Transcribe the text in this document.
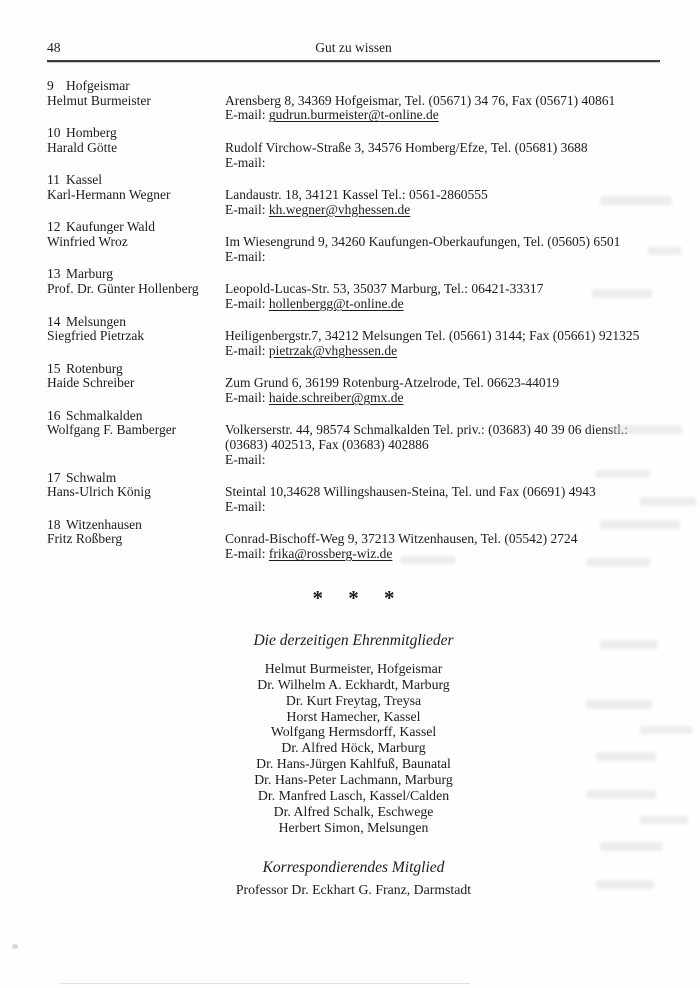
48	Gut zu wissen
9 Hofgeismar
Helmut Burmeister	Arensberg 8, 34369 Hofgeismar, Tel. (05671) 34 76, Fax (05671) 40861
E-mail: gudrun.burmeister@t-online.de
10 Homberg
Harald Götte	Rudolf Virchow-Straße 3, 34576 Homberg/Efze, Tel. (05681) 3688
E-mail:
11 Kassel
Karl-Hermann Wegner	Landaustr. 18, 34121 Kassel Tel.: 0561-2860555
E-mail: kh.wegner@vhghessen.de
12 Kaufunger Wald
Winfried Wroz	Im Wiesengrund 9, 34260 Kaufungen-Oberkaufungen, Tel. (05605) 6501
E-mail:
13 Marburg
Prof. Dr. Günter Hollenberg	Leopold-Lucas-Str. 53, 35037 Marburg, Tel.: 06421-33317
E-mail: hollenbergg@t-online.de
14 Melsungen
Siegfried Pietrzak	Heiligenbergstr.7, 34212 Melsungen Tel. (05661) 3144; Fax (05661) 921325
E-mail: pietrzak@vhghessen.de
15 Rotenburg
Haide Schreiber	Zum Grund 6, 36199 Rotenburg-Atzelrode, Tel. 06623-44019
E-mail: haide.schreiber@gmx.de
16 Schmalkalden
Wolfgang F. Bamberger	Volkerserstr. 44, 98574 Schmalkalden Tel. priv.: (03683) 40 39 06 dienstl.:
(03683) 402513, Fax (03683) 402886
E-mail:
17 Schwalm
Hans-Ulrich König	Steintal 10,34628 Willingshausen-Steina, Tel. und Fax (06691) 4943
E-mail:
18 Witzenhausen
Fritz Roßberg	Conrad-Bischoff-Weg 9, 37213 Witzenhausen, Tel. (05542) 2724
E-mail: frika@rossberg-wiz.de
* * *
Die derzeitigen Ehrenmitglieder
Helmut Burmeister, Hofgeismar
Dr. Wilhelm A. Eckhardt, Marburg
Dr. Kurt Freytag, Treysa
Horst Hamecher, Kassel
Wolfgang Hermsdorff, Kassel
Dr. Alfred Höck, Marburg
Dr. Hans-Jürgen Kahlfuß, Baunatal
Dr. Hans-Peter Lachmann, Marburg
Dr. Manfred Lasch, Kassel/Calden
Dr. Alfred Schalk, Eschwege
Herbert Simon, Melsungen
Korrespondierendes Mitglied
Professor Dr. Eckhart G. Franz, Darmstadt
